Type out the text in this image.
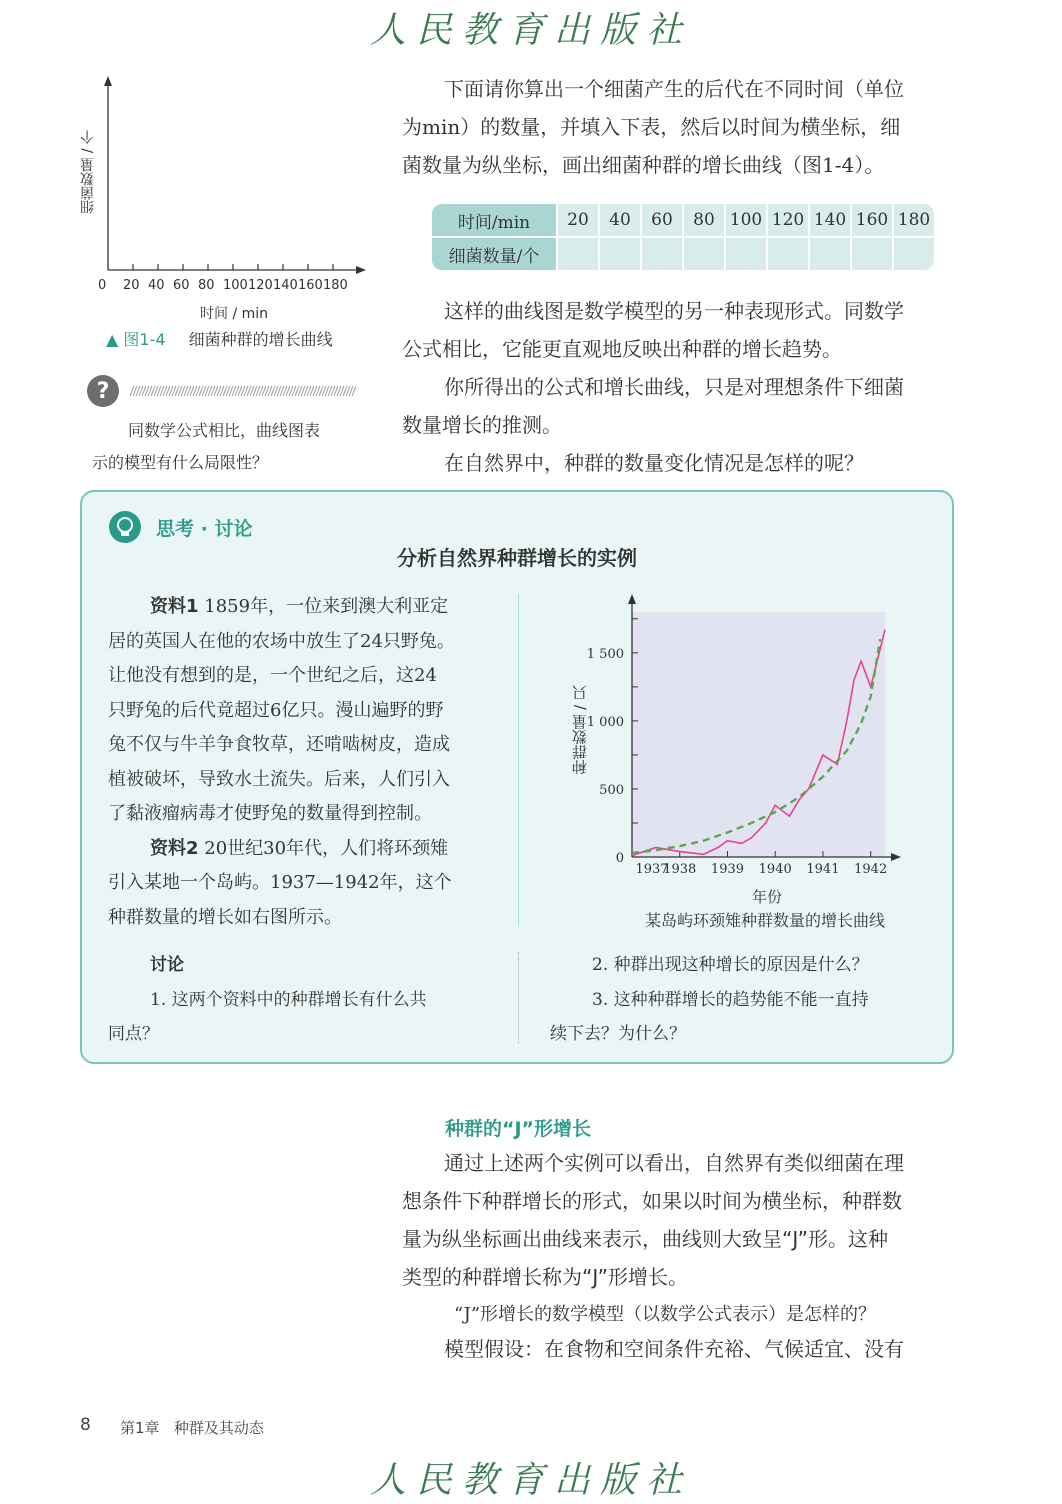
人民教育出版社
细菌数量 / 个
0 20 40 60 80 100 120 140 160 180
时间 / min
▲ 图1-4 细菌种群的增长曲线
?
同数学公式相比，曲线图表
示的模型有什么局限性？
下面请你算出一个细菌产生的后代在不同时间（单位
为min）的数量，并填入下表，然后以时间为横坐标，细
菌数量为纵坐标，画出细菌种群的增长曲线（图1-4）。
时间/min	20	40	60	80	100	120	140	160	180
细菌数量/个									
这样的曲线图是数学模型的另一种表现形式。同数学
公式相比，它能更直观地反映出种群的增长趋势。
你所得出的公式和增长曲线，只是对理想条件下细菌
数量增长的推测。
在自然界中，种群的数量变化情况是怎样的呢？
思考 · 讨论
分析自然界种群增长的实例
资料1 1859年，一位来到澳大利亚定
居的英国人在他的农场中放生了24只野兔。
让他没有想到的是，一个世纪之后，这24
只野兔的后代竟超过6亿只。漫山遍野的野
兔不仅与牛羊争食牧草，还啃啮树皮，造成
植被破坏，导致水土流失。后来，人们引入
了黏液瘤病毒才使野兔的数量得到控制。
资料2 20世纪30年代，人们将环颈雉
引入某地一个岛屿。1937—1942年，这个
种群数量的增长如右图所示。
0
500
1 000
1 500
1937
1938 1939 1940 1941 1942
种群数量 / 只
年份
某岛屿环颈雉种群数量的增长曲线
讨论
1. 这两个资料中的种群增长有什么共
同点？
2. 种群出现这种增长的原因是什么？
3. 这种种群增长的趋势能不能一直持
续下去？为什么？
种群的“J”形增长
通过上述两个实例可以看出，自然界有类似细菌在理
想条件下种群增长的形式，如果以时间为横坐标，种群数
量为纵坐标画出曲线来表示，曲线则大致呈“J”形。这种
类型的种群增长称为“J”形增长。
“J”形增长的数学模型（以数学公式表示）是怎样的？
模型假设：在食物和空间条件充裕、气候适宜、没有
8 第1章 种群及其动态
人民教育出版社
